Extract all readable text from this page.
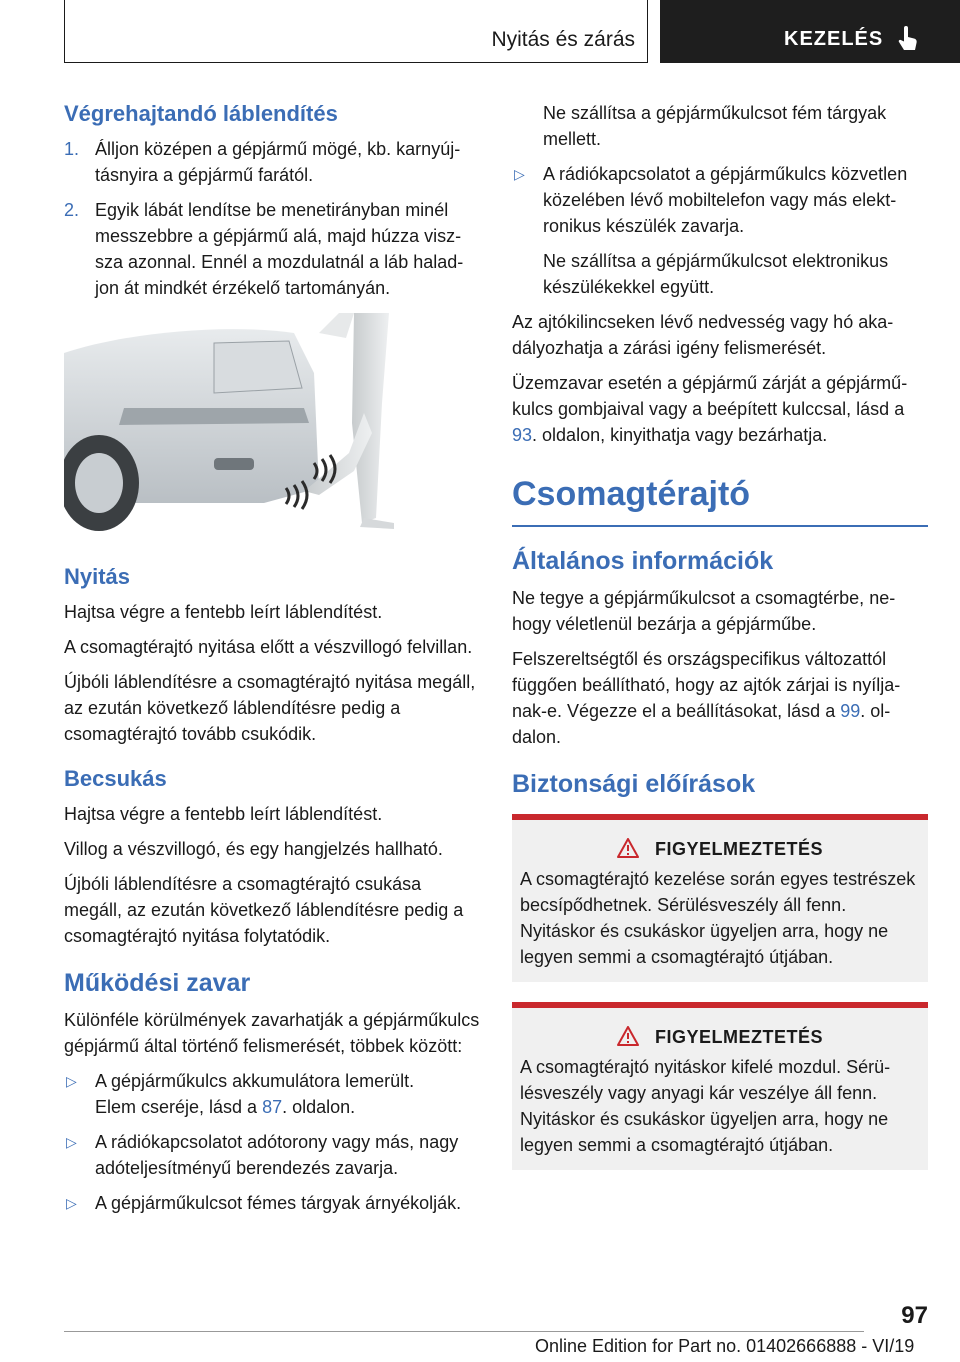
Nyitás és zárás	KEZELÉS
Végrehajtandó láblendítés
1. Álljon középen a gépjármű mögé, kb. karnyújtásnyira a gépjármű farától.
2. Egyik lábát lendítse be menetirányban minél messzebbre a gépjármű alá, majd húzza viszsza azonnal. Ennél a mozdulatnál a láb haladjon át mindkét érzékelő tartományán.
Nyitás

Hajtsa végre a fentebb leírt láblendítést.

A csomagtérajtó nyitása előtt a vészvillogó felvillan.

Újbóli láblendítésre a csomagtérajtó nyitása megáll, az ezután következő láblendítésre pedig a csomagtérajtó tovább csukódik.

Becsukás

Hajtsa végre a fentebb leírt láblendítést.

Villog a vészvillogó, és egy hangjelzés hallható.

Újbóli láblendítésre a csomagtérajtó csukása megáll, az ezután következő láblendítésre pedig a csomagtérajtó nyitása folytatódik.

Működési zavar

Különféle körülmények zavarhatják a gépjárműkulcs gépjármű által történő felismerését, többek között:

▷ A gépjárműkulcs akkumulátora lemerült.
Elem cseréje, lásd a 87. oldalon.
▷ A rádiókapcsolatot adótorony vagy más, nagy adóteljesítményű berendezés zavarja.
▷ A gépjárműkulcsot fémes tárgyak árnyékolják.

Ne szállítsa a gépjárműkulcsot fém tárgyak mellett.

▷ A rádiókapcsolatot a gépjárműkulcs közvetlen közelében lévő mobiltelefon vagy más elektronikus készülék zavarja.

Ne szállítsa a gépjárműkulcsot elektronikus készülékekkel együtt.

Az ajtókilincseken lévő nedvesség vagy hó akadályozhatja a zárási igény felismerését.

Üzemzavar esetén a gépjármű zárját a gépjárműkulcs gombjaival vagy a beépített kulccsal, lásd a 93. oldalon, kinyithatja vagy bezárhatja.

Csomagtérajtó
Általános információk

Ne tegye a gépjárműkulcsot a csomagtérbe, nehogy véletlenül bezárja a gépjárműbe.

Felszereltségtől és országspecifikus változattól függően beállítható, hogy az ajtók zárjai is nyíljanak-e. Végezze el a beállításokat, lásd a 99. oldalon.

Biztonsági előírások
FIGYELMEZTETÉS

A csomagtérajtó kezelése során egyes testrészek becsípődhetnek. Sérülésveszély áll fenn. Nyitáskor és csukáskor ügyeljen arra, hogy ne legyen semmi a csomagtérajtó útjában.

FIGYELMEZTETÉS

A csomagtérajtó nyitáskor kifelé mozdul. Sérülésveszély vagy anyagi kár veszélye áll fenn. Nyitáskor és csukáskor ügyeljen arra, hogy ne legyen semmi a csomagtérajtó útjában.

97
Online Edition for Part no. 01402666888 - VI/19
